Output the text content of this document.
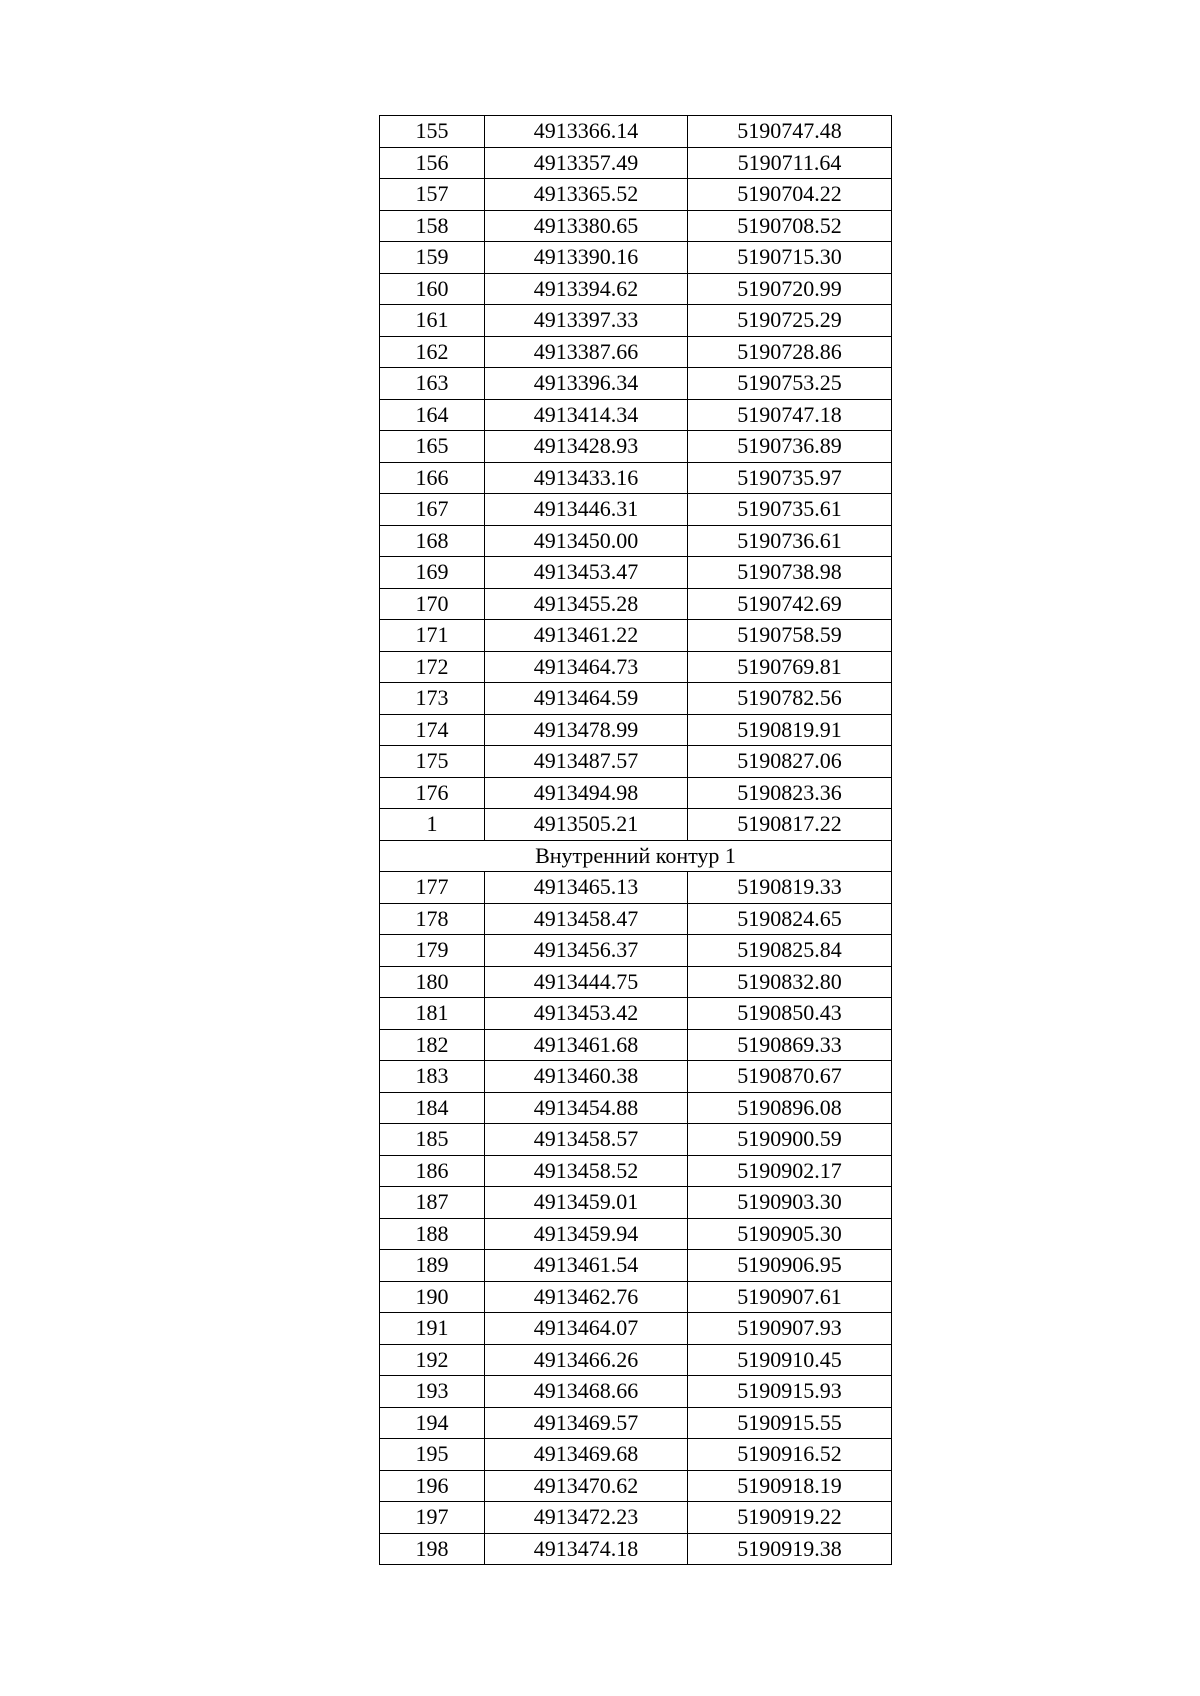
155	4913366.14	5190747.48
156	4913357.49	5190711.64
157	4913365.52	5190704.22
158	4913380.65	5190708.52
159	4913390.16	5190715.30
160	4913394.62	5190720.99
161	4913397.33	5190725.29
162	4913387.66	5190728.86
163	4913396.34	5190753.25
164	4913414.34	5190747.18
165	4913428.93	5190736.89
166	4913433.16	5190735.97
167	4913446.31	5190735.61
168	4913450.00	5190736.61
169	4913453.47	5190738.98
170	4913455.28	5190742.69
171	4913461.22	5190758.59
172	4913464.73	5190769.81
173	4913464.59	5190782.56
174	4913478.99	5190819.91
175	4913487.57	5190827.06
176	4913494.98	5190823.36
1	4913505.21	5190817.22
Внутренний контур 1		
177	4913465.13	5190819.33
178	4913458.47	5190824.65
179	4913456.37	5190825.84
180	4913444.75	5190832.80
181	4913453.42	5190850.43
182	4913461.68	5190869.33
183	4913460.38	5190870.67
184	4913454.88	5190896.08
185	4913458.57	5190900.59
186	4913458.52	5190902.17
187	4913459.01	5190903.30
188	4913459.94	5190905.30
189	4913461.54	5190906.95
190	4913462.76	5190907.61
191	4913464.07	5190907.93
192	4913466.26	5190910.45
193	4913468.66	5190915.93
194	4913469.57	5190915.55
195	4913469.68	5190916.52
196	4913470.62	5190918.19
197	4913472.23	5190919.22
198	4913474.18	5190919.38
